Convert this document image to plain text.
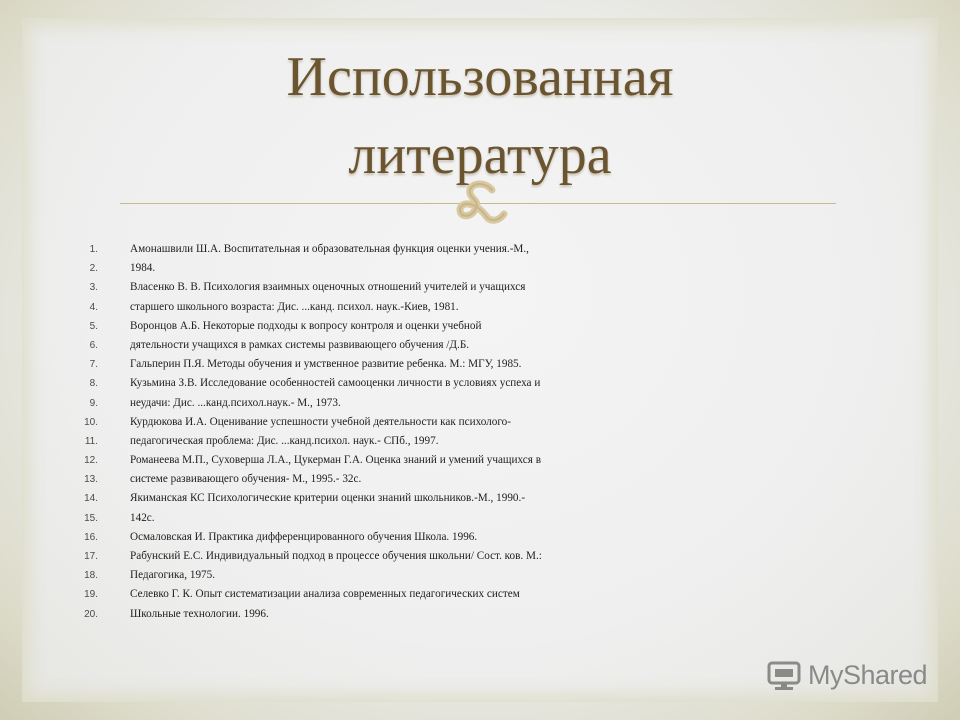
Использованная
литература
1.	Амонашвили Ш.А. Воспитательная и образовательная функция оценки учения.-М.,
2.	1984.
3.	Власенко В. В. Психология взаимных оценочных отношений учителей и учащихся
4.	старшего школьного возраста: Дис. ...канд. психол. наук.-Киев, 1981.
5.	Воронцов А.Б. Некоторые подходы к вопросу контроля и оценки учебной
6.	дятельности учащихся в рамках системы развивающего обучения /Д.Б.
7.	Гальперин П.Я. Методы обучения и умственное развитие ребенка. М.: МГУ, 1985.
8.	Кузьмина З.В. Исследование особенностей самооценки личности в условиях успеха и
9.	неудачи: Дис. ...канд.психол.наук.- М., 1973.
10.	Курдюкова И.А. Оценивание успешности учебной деятельности как психолого-
11.	педагогическая проблема: Дис. ...канд.психол. наук.- СПб., 1997.
12.	Романеева М.П., Суховерша Л.А., Цукерман Г.А. Оценка знаний и умений учащихся в
13.	системе развивающего обучения- М., 1995.- 32с.
14.	Якиманская КС Психологические критерии оценки знаний школьников.-М., 1990.-
15.	142с.
16.	Осмаловская И. Практика дифференцированного обучения Школа. 1996.
17.	Рабунский Е.С. Индивидуальный подход в процессе обучения школьни/ Сост. ков. М.:
18.	Педагогика, 1975.
19.	Селевко Г. К. Опыт систематизации анализа современных педагогических систем
20.	Школьные технологии. 1996.
MyShared
